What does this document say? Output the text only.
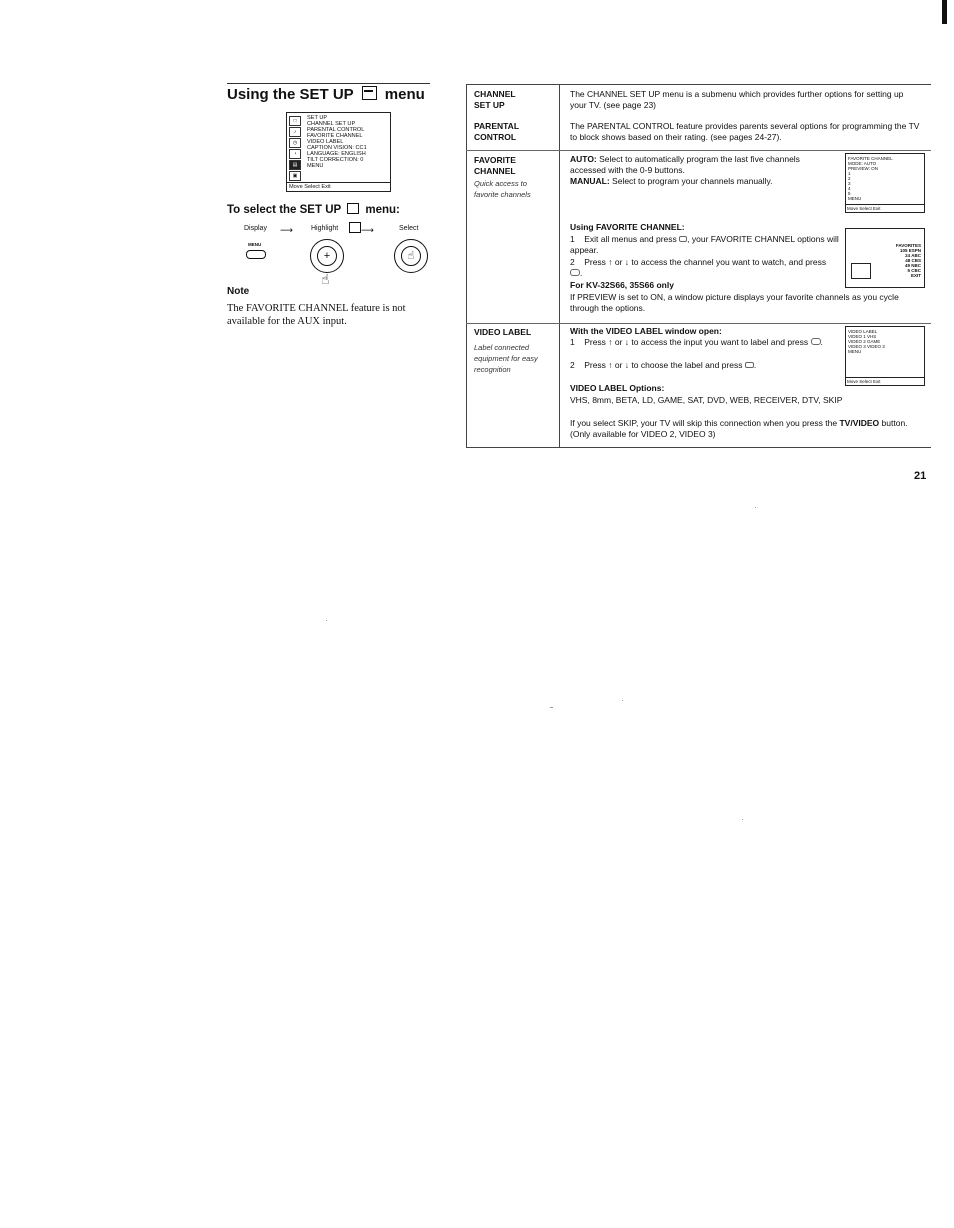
Using the SET UP menu
□
♪
◷
◔
▤
▣
SET UP
CHANNEL SET UP
PARENTAL CONTROL
FAVORITE CHANNEL
VIDEO LABEL
CAPTION VISION: CC1
LANGUAGE: ENGLISH
TILT CORRECTION: 0
MENU
Move Select Exit
To select the SET UP menu:
Display ⟶	Highlight	⟶	Select
MENU
+
☝
☝
Note
The FAVORITE CHANNEL feature is not available for the AUX input.
CHANNEL
SET UP
The CHANNEL SET UP menu is a submenu which provides further options for setting up your TV. (see page 23)
PARENTAL
CONTROL
The PARENTAL CONTROL feature provides parents several options for programming the TV to block shows based on their rating. (see pages 24-27).
FAVORITE
CHANNEL
Quick access to
favorite channels
AUTO: Select to automatically program the last five channels accessed with the 0-9 buttons.
MANUAL: Select to program your channels manually.
FAVORITE CHANNEL
MODE: AUTO
PREVIEW: ON
1
2
3
4
5
MENU
Move Select Exit
Using FAVORITE CHANNEL:
1 Exit all menus and press , your FAVORITE CHANNEL options will appear.
2 Press ↑ or ↓ to access the channel you want to watch, and press .
For KV-32S66, 35S66 only
If PREVIEW is set to ON, a window picture displays your favorite channels as you cycle through the options.
FAVORITES
105 ESPN
24 ABC
48 CBS
49 NBC
5 CBC
EXIT
VIDEO LABEL
Label connected
equipment for easy
recognition
With the VIDEO LABEL window open:
1 Press ↑ or ↓ to access the input you want to label and press .
2 Press ↑ or ↓ to choose the label and press .
VIDEO LABEL Options:
VHS, 8mm, BETA, LD, GAME, SAT, DVD, WEB, RECEIVER, DTV, SKIP
If you select SKIP, your TV will skip this connection when you press the TV/VIDEO button. (Only available for VIDEO 2, VIDEO 3)
VIDEO LABEL
VIDEO 1 VHS
VIDEO 2 GAME
VIDEO 3 VIDEO 3
MENU
Move Select Exit
21
